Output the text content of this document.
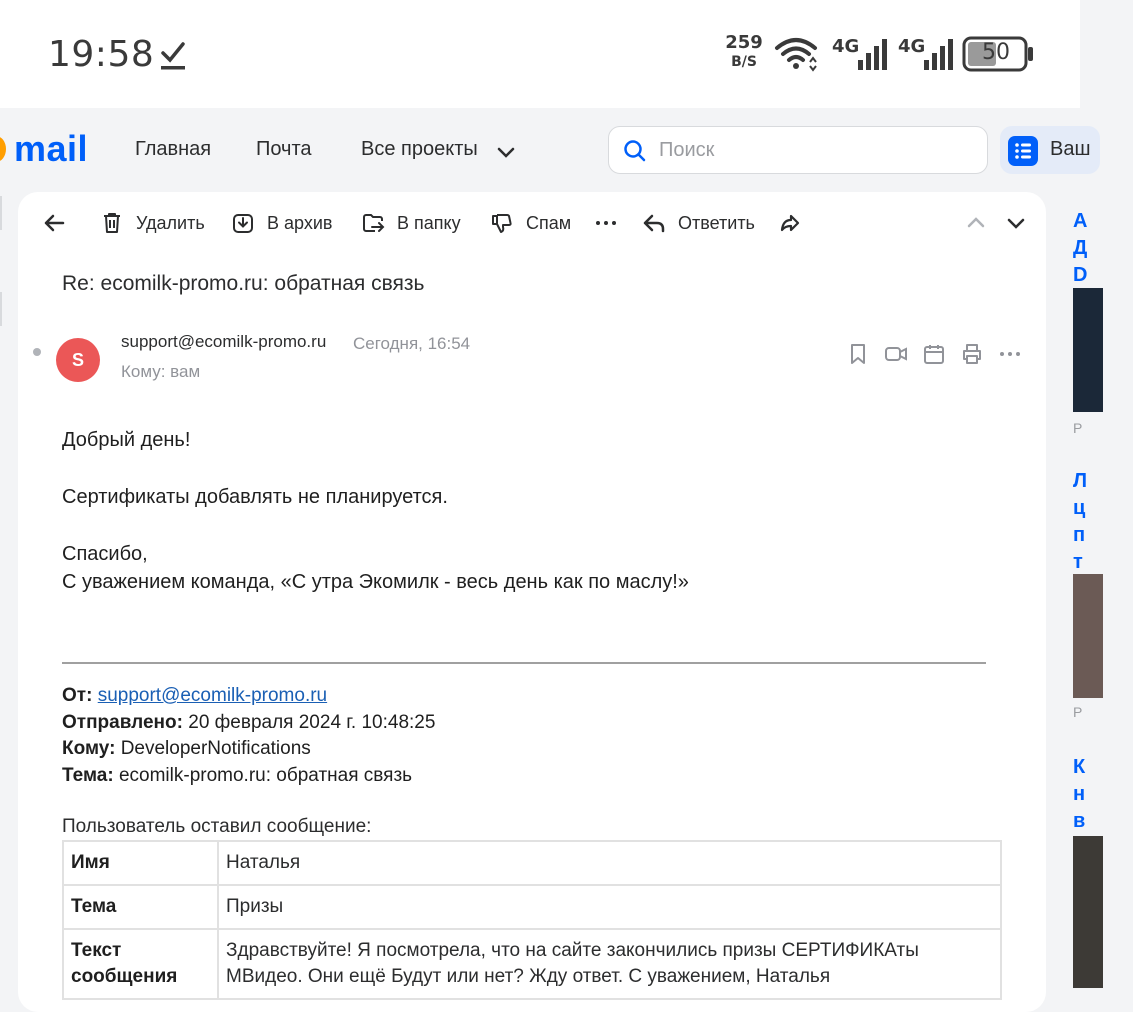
19:58	259
B/S
4G 4G	50
mail Главная Почта Все проекты	Поиск	Ваш
Удалить	В архив	В папку	Спам	Ответить
Re: ecomilk-promo.ru: обратная связь
S
support@ecomilk-promo.ru Сегодня, 16:54
Кому: вам

Добрый день!

Сертификаты добавлять не планируется.

Спасибо,

С уважением команда, «С утра Экомилк - весь день как по маслу!»

От: support@ecomilk-promo.ru
Отправлено: 20 февраля 2024 г. 10:48:25
Кому: DeveloperNotifications
Тема: ecomilk-promo.ru: обратная связь
Пользователь оставил сообщение:
Имя	Наталья
Тема	Призы
Текст сообщения	Здравствуйте! Я посмотрела, что на сайте закончились призы СЕРТИФИКАты МВидео. Они ещё Будут или нет? Жду ответ. С уважением, Наталья
А
Д
D
Р
Л
ц
п
т
Р
К
н
в
